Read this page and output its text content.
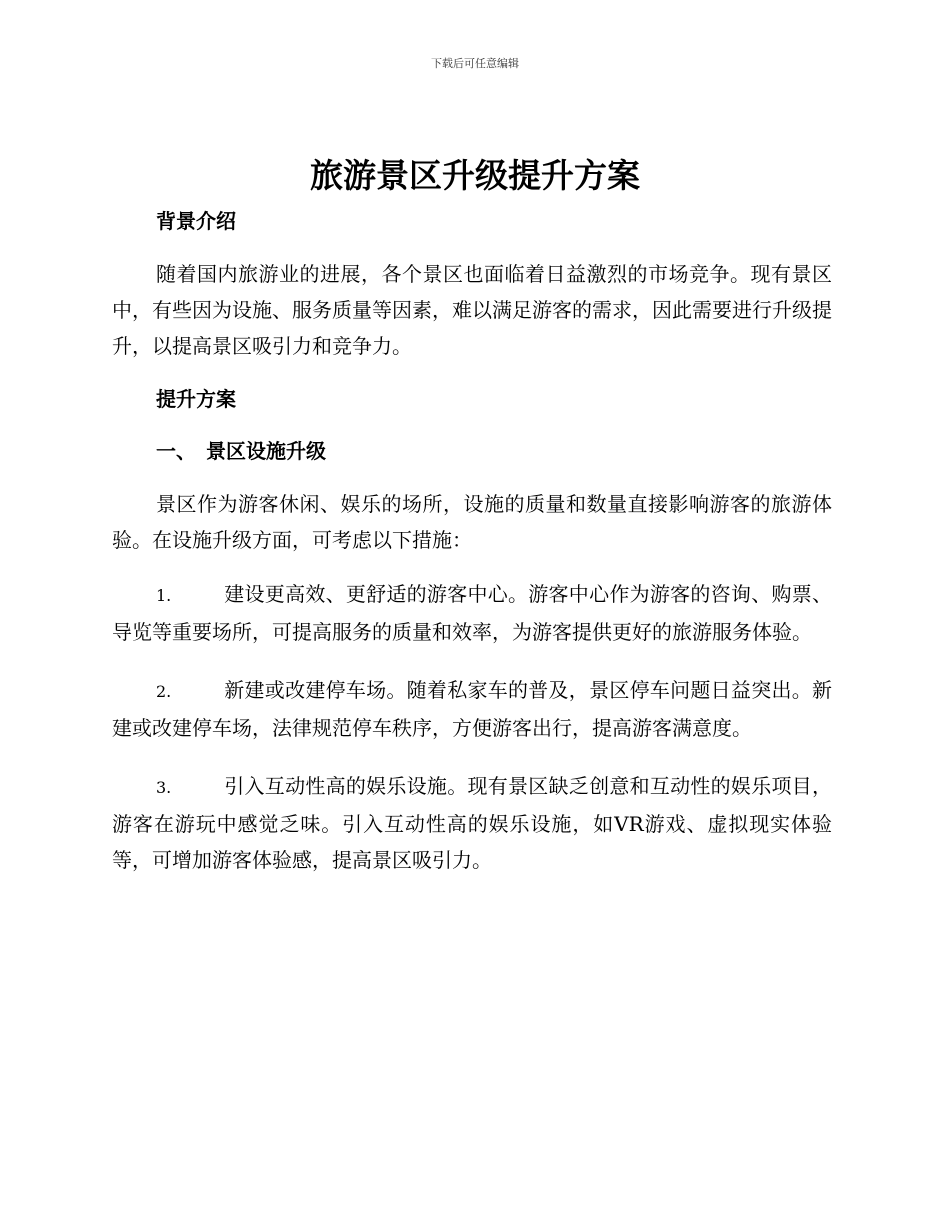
下载后可任意编辑
旅游景区升级提升方案

背景介绍

随着国内旅游业的进展，各个景区也面临着日益激烈的市场竞争。现有景区中，有些因为设施、服务质量等因素，难以满足游客的需求，因此需要进行升级提升，以提高景区吸引力和竞争力。

提升方案

一、 景区设施升级

景区作为游客休闲、娱乐的场所，设施的质量和数量直接影响游客的旅游体验。在设施升级方面，可考虑以下措施：

1.	建设更高效、更舒适的游客中心。游客中心作为游客的咨询、购票、导览等重要场所，可提高服务的质量和效率，为游客提供更好的旅游服务体验。

2.	新建或改建停车场。随着私家车的普及，景区停车问题日益突出。新建或改建停车场，法律规范停车秩序，方便游客出行，提高游客满意度。

3.	引入互动性高的娱乐设施。现有景区缺乏创意和互动性的娱乐项目，游客在游玩中感觉乏味。引入互动性高的娱乐设施，如VR游戏、虚拟现实体验等，可增加游客体验感，提高景区吸引力。
